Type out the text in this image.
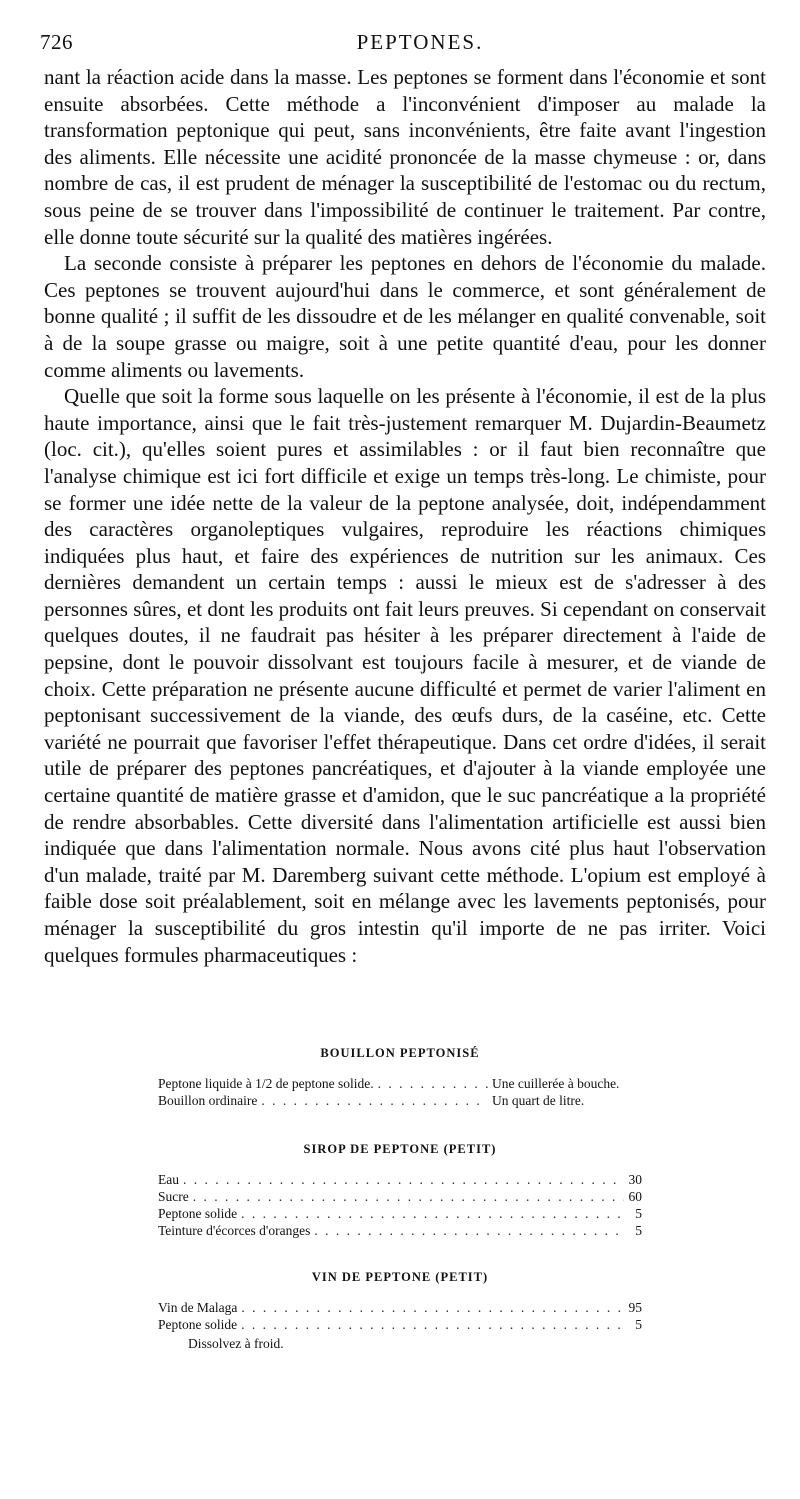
726	PEPTONES.

nant la réaction acide dans la masse. Les peptones se forment dans l'économie et sont ensuite absorbées. Cette méthode a l'inconvénient d'imposer au malade la transformation peptonique qui peut, sans inconvénients, être faite avant l'ingestion des aliments. Elle nécessite une acidité prononcée de la masse chymeuse : or, dans nombre de cas, il est prudent de ménager la susceptibilité de l'estomac ou du rectum, sous peine de se trouver dans l'impossibilité de continuer le traitement. Par contre, elle donne toute sécurité sur la qualité des matières ingérées.

La seconde consiste à préparer les peptones en dehors de l'économie du malade. Ces peptones se trouvent aujourd'hui dans le commerce, et sont généralement de bonne qualité ; il suffit de les dissoudre et de les mélanger en qualité convenable, soit à de la soupe grasse ou maigre, soit à une petite quantité d'eau, pour les donner comme aliments ou lavements.

Quelle que soit la forme sous laquelle on les présente à l'économie, il est de la plus haute importance, ainsi que le fait très-justement remarquer M. Dujardin-Beaumetz (loc. cit.), qu'elles soient pures et assimilables : or il faut bien reconnaître que l'analyse chimique est ici fort difficile et exige un temps très-long. Le chimiste, pour se former une idée nette de la valeur de la peptone analysée, doit, indépendamment des caractères organoleptiques vulgaires, reproduire les réactions chimiques indiquées plus haut, et faire des expériences de nutrition sur les animaux. Ces dernières demandent un certain temps : aussi le mieux est de s'adresser à des personnes sûres, et dont les produits ont fait leurs preuves. Si cependant on conservait quelques doutes, il ne faudrait pas hésiter à les préparer directement à l'aide de pepsine, dont le pouvoir dissolvant est toujours facile à mesurer, et de viande de choix. Cette préparation ne présente aucune difficulté et permet de varier l'aliment en peptonisant successivement de la viande, des œufs durs, de la caséine, etc. Cette variété ne pourrait que favoriser l'effet thérapeutique. Dans cet ordre d'idées, il serait utile de préparer des peptones pancréatiques, et d'ajouter à la viande employée une certaine quantité de matière grasse et d'amidon, que le suc pancréatique a la propriété de rendre absorbables. Cette diversité dans l'alimentation artificielle est aussi bien indiquée que dans l'alimentation normale. Nous avons cité plus haut l'observation d'un malade, traité par M. Daremberg suivant cette méthode. L'opium est employé à faible dose soit préalablement, soit en mélange avec les lavements peptonisés, pour ménager la susceptibilité du gros intestin qu'il importe de ne pas irriter. Voici quelques formules pharmaceutiques :

BOUILLON PEPTONISÉ
Peptone liquide à 1/2 de peptone solide. . . .	Une cuillerée à bouche.
Bouillon ordinaire . . .	Un quart de litre.
SIROP DE PEPTONE (PETIT)
Eau . . .	30
Sucre . . .	60
Peptone solide . . .	5
Teinture d'écorces d'oranges . . .	5
VIN DE PEPTONE (PETIT)
Vin de Malaga . . .	95
Peptone solide . . .	5
Dissolvez à froid.
